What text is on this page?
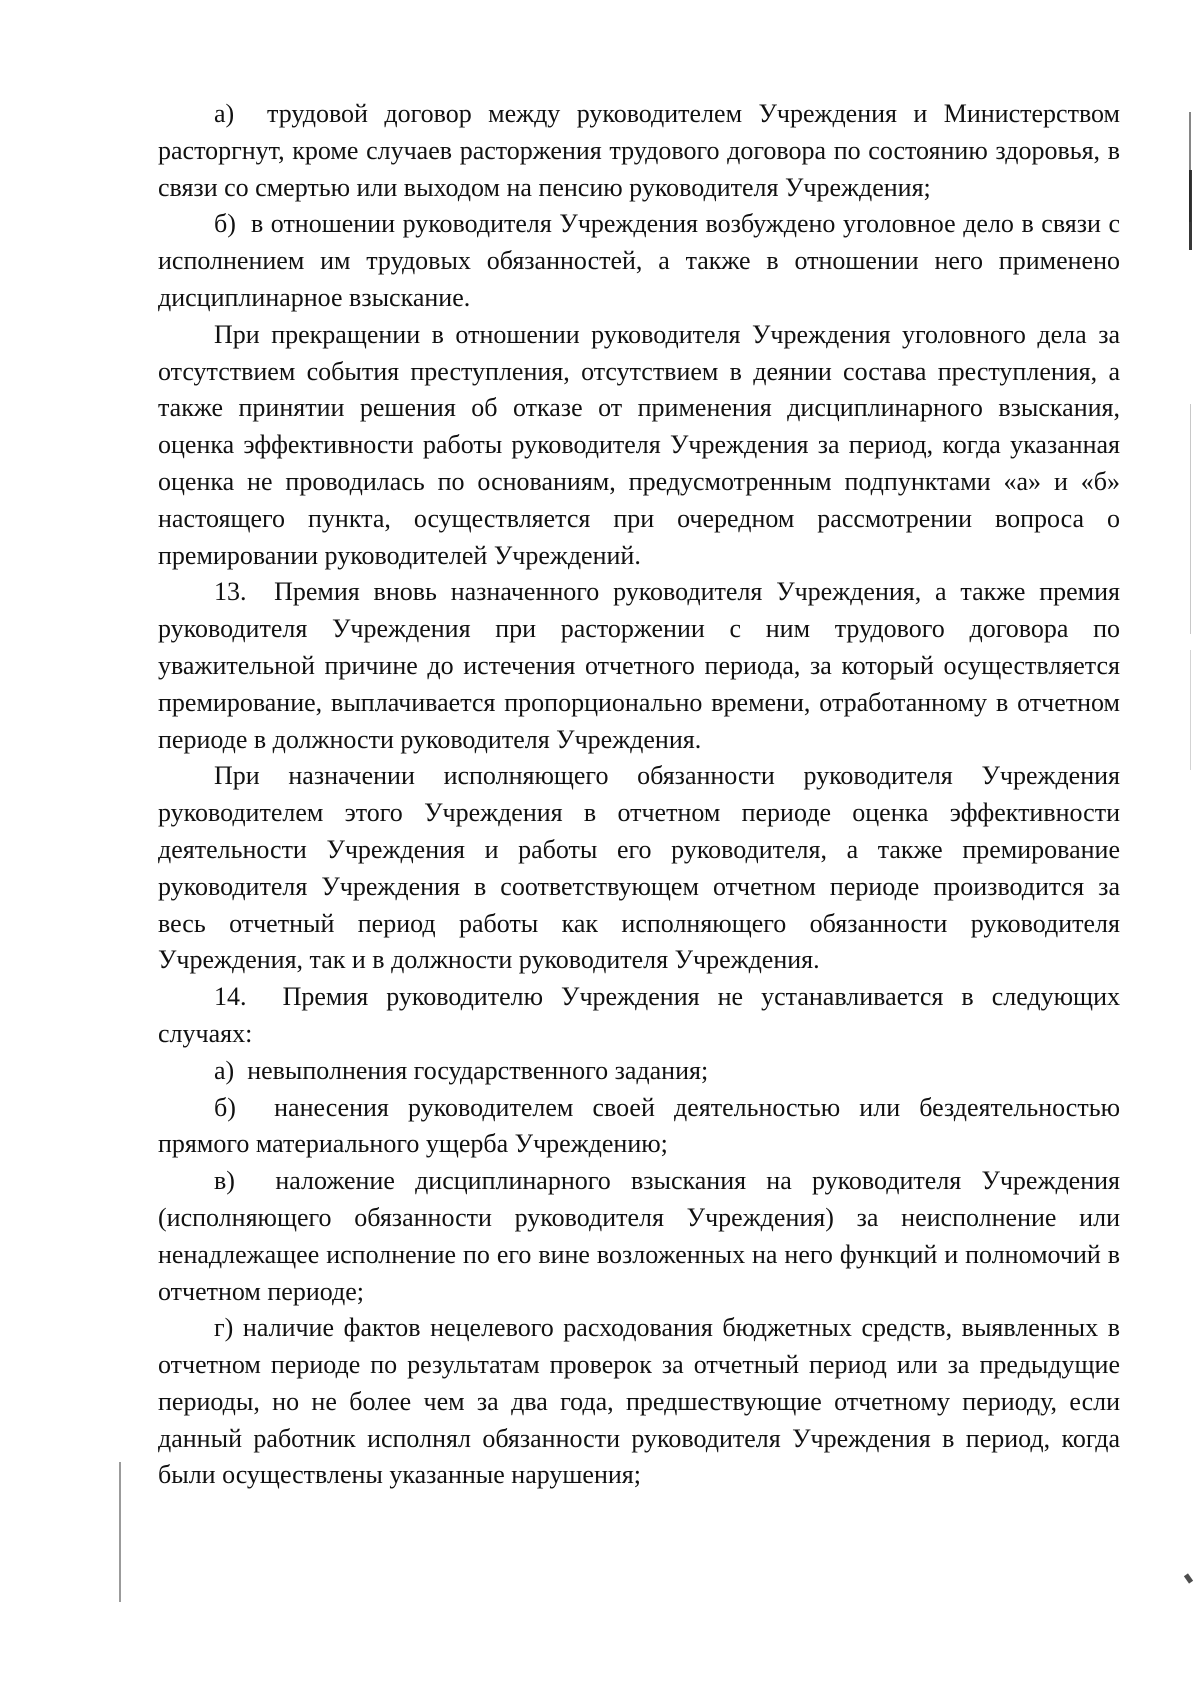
а)  трудовой договор между руководителем Учреждения и Министерством расторгнут, кроме случаев расторжения трудового договора по состоянию здоровья, в связи со смертью или выходом на пенсию руководителя Учреждения;

б)  в отношении руководителя Учреждения возбуждено уголовное дело в связи с исполнением им трудовых обязанностей, а также в отношении него применено дисциплинарное взыскание.

При прекращении в отношении руководителя Учреждения уголовного дела за отсутствием события преступления, отсутствием в деянии состава преступления, а также принятии решения об отказе от применения дисциплинарного взыскания, оценка эффективности работы руководителя Учреждения за период, когда указанная оценка не проводилась по основаниям, предусмотренным подпунктами «а» и «б» настоящего пункта, осуществляется при очередном рассмотрении вопроса о премировании руководителей Учреждений.

13.  Премия вновь назначенного руководителя Учреждения, а также премия руководителя Учреждения при расторжении с ним трудового договора по уважительной причине до истечения отчетного периода, за который осуществляется премирование, выплачивается пропорционально времени, отработанному в отчетном периоде в должности руководителя Учреждения.

При назначении исполняющего обязанности руководителя Учреждения руководителем этого Учреждения в отчетном периоде оценка эффективности деятельности Учреждения и работы его руководителя, а также премирование руководителя Учреждения в соответствующем отчетном периоде производится за весь отчетный период работы как исполняющего обязанности руководителя Учреждения, так и в должности руководителя Учреждения.

14.  Премия руководителю Учреждения не устанавливается в следующих случаях:

а)  невыполнения государственного задания;

б)  нанесения руководителем своей деятельностью или бездеятельностью прямого материального ущерба Учреждению;

в)  наложение дисциплинарного взыскания на руководителя Учреждения (исполняющего обязанности руководителя Учреждения) за неисполнение или ненадлежащее исполнение по его вине возложенных на него функций и полномочий в отчетном периоде;

г) наличие фактов нецелевого расходования бюджетных средств, выявленных в отчетном периоде по результатам проверок за отчетный период или за предыдущие периоды, но не более чем за два года, предшествующие отчетному периоду, если данный работник исполнял обязанности руководителя Учреждения в период, когда были осуществлены указанные нарушения;
